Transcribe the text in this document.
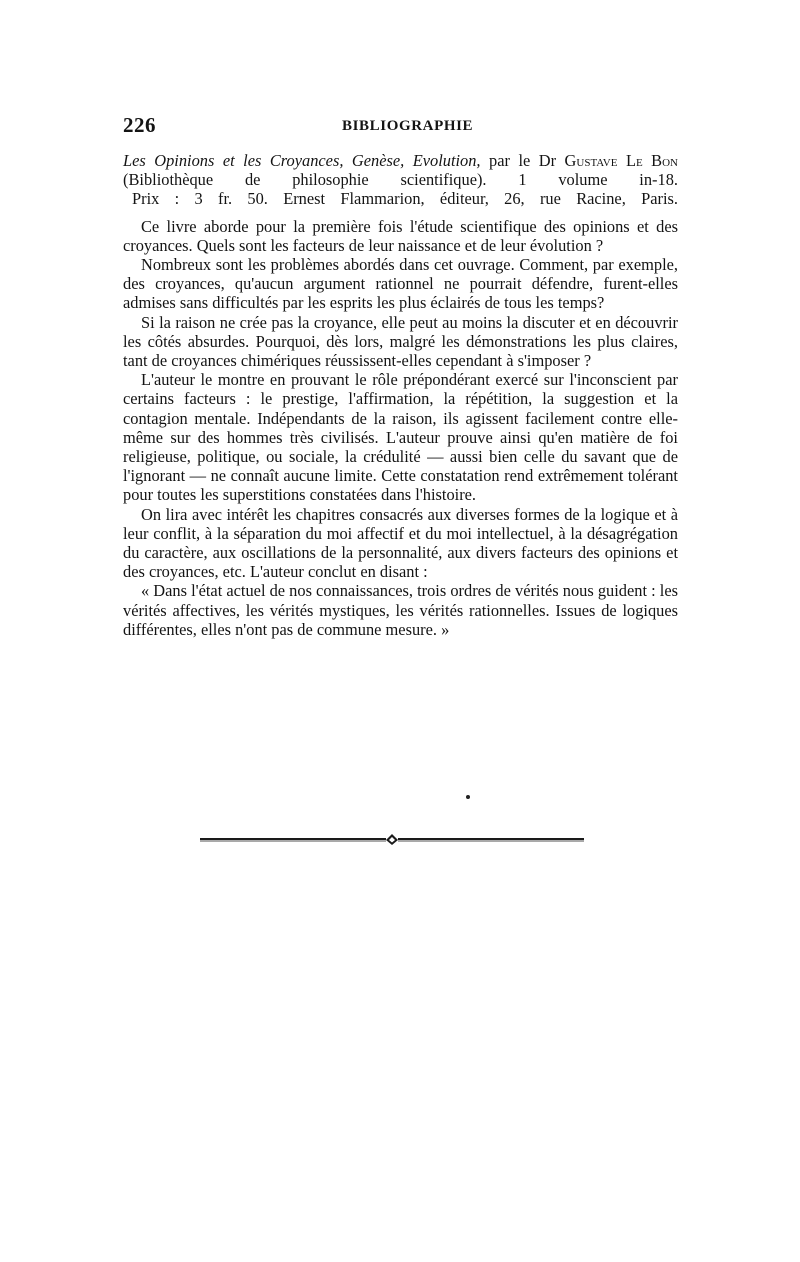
226	BIBLIOGRAPHIE

Les Opinions et les Croyances, Genèse, Evolution, par le Dr Gustave Le Bon (Bibliothèque de philosophie scientifique). 1 volume in-18.

Prix : 3 fr. 50. Ernest Flammarion, éditeur, 26, rue Racine, Paris.

Ce livre aborde pour la première fois l'étude scientifique des opinions et des croyances. Quels sont les facteurs de leur naissance et de leur évolution ?

Nombreux sont les problèmes abordés dans cet ouvrage. Comment, par exemple, des croyances, qu'aucun argument rationnel ne pourrait défendre, furent-elles admises sans difficultés par les esprits les plus éclairés de tous les temps?

Si la raison ne crée pas la croyance, elle peut au moins la discuter et en découvrir les côtés absurdes. Pourquoi, dès lors, malgré les démonstrations les plus claires, tant de croyances chimériques réussissent-elles cependant à s'imposer ?

L'auteur le montre en prouvant le rôle prépondérant exercé sur l'inconscient par certains facteurs : le prestige, l'affirmation, la répétition, la suggestion et la contagion mentale. Indépendants de la raison, ils agissent facilement contre elle-même sur des hommes très civilisés. L'auteur prouve ainsi qu'en matière de foi religieuse, politique, ou sociale, la crédulité — aussi bien celle du savant que de l'ignorant — ne connaît aucune limite. Cette constatation rend extrêmement tolérant pour toutes les superstitions constatées dans l'histoire.

On lira avec intérêt les chapitres consacrés aux diverses formes de la logique et à leur conflit, à la séparation du moi affectif et du moi intellectuel, à la désagrégation du caractère, aux oscillations de la personnalité, aux divers facteurs des opinions et des croyances, etc. L'auteur conclut en disant :

« Dans l'état actuel de nos connaissances, trois ordres de vérités nous guident : les vérités affectives, les vérités mystiques, les vérités rationnelles. Issues de logiques différentes, elles n'ont pas de commune mesure. »
